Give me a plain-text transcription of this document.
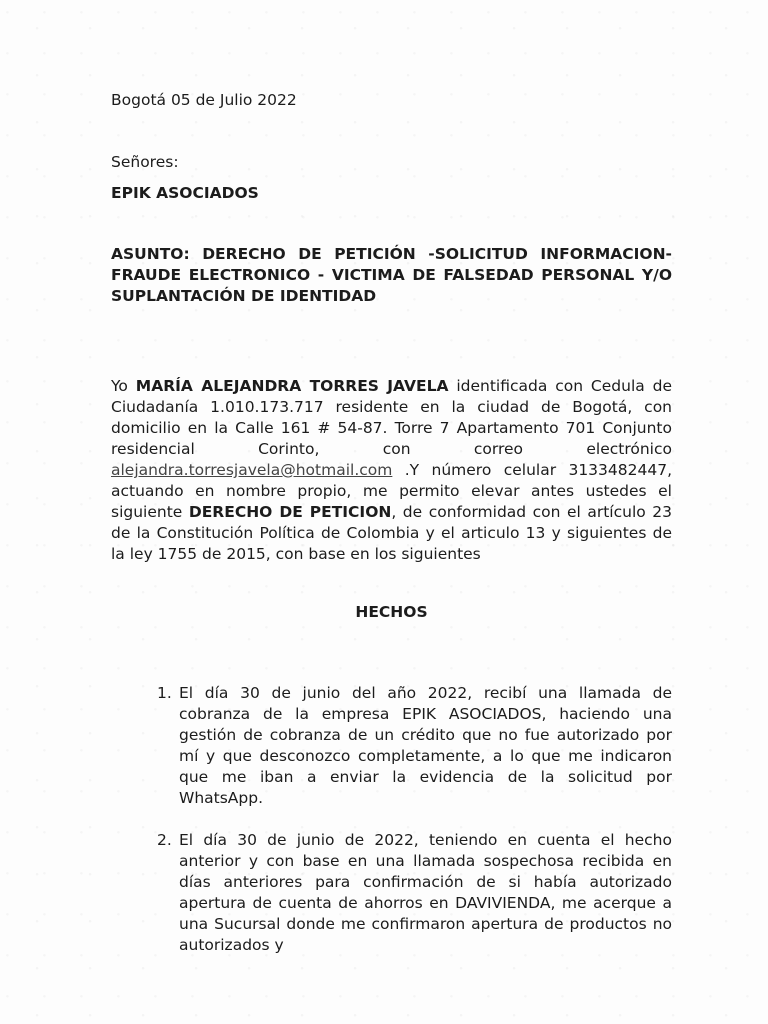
Bogotá 05 de Julio 2022

Señores:

EPIK ASOCIADOS

ASUNTO: DERECHO DE PETICIÓN -SOLICITUD INFORMACION- FRAUDE ELECTRONICO - VICTIMA DE FALSEDAD PERSONAL Y/O SUPLANTACIÓN DE IDENTIDAD

Yo MARÍA ALEJANDRA TORRES JAVELA identificada con Cedula de Ciudadanía 1.010.173.717 residente en la ciudad de Bogotá, con domicilio en la Calle 161 # 54-87. Torre 7 Apartamento 701 Conjunto residencial Corinto, con correo electrónico alejandra.torresjavela@hotmail.com .Y número celular 3133482447, actuando en nombre propio, me permito elevar antes ustedes el siguiente DERECHO DE PETICION, de conformidad con el artículo 23 de la Constitución Política de Colombia y el articulo 13 y siguientes de la ley 1755 de 2015, con base en los siguientes

HECHOS
1. El día 30 de junio del año 2022, recibí una llamada de cobranza de la empresa EPIK ASOCIADOS, haciendo una gestión de cobranza de un crédito que no fue autorizado por mí y que desconozco completamente, a lo que me indicaron que me iban a enviar la evidencia de la solicitud por WhatsApp.
2. El día 30 de junio de 2022, teniendo en cuenta el hecho anterior y con base en una llamada sospechosa recibida en días anteriores para confirmación de si había autorizado apertura de cuenta de ahorros en DAVIVIENDA, me acerque a una Sucursal donde me confirmaron apertura de productos no autorizados y
